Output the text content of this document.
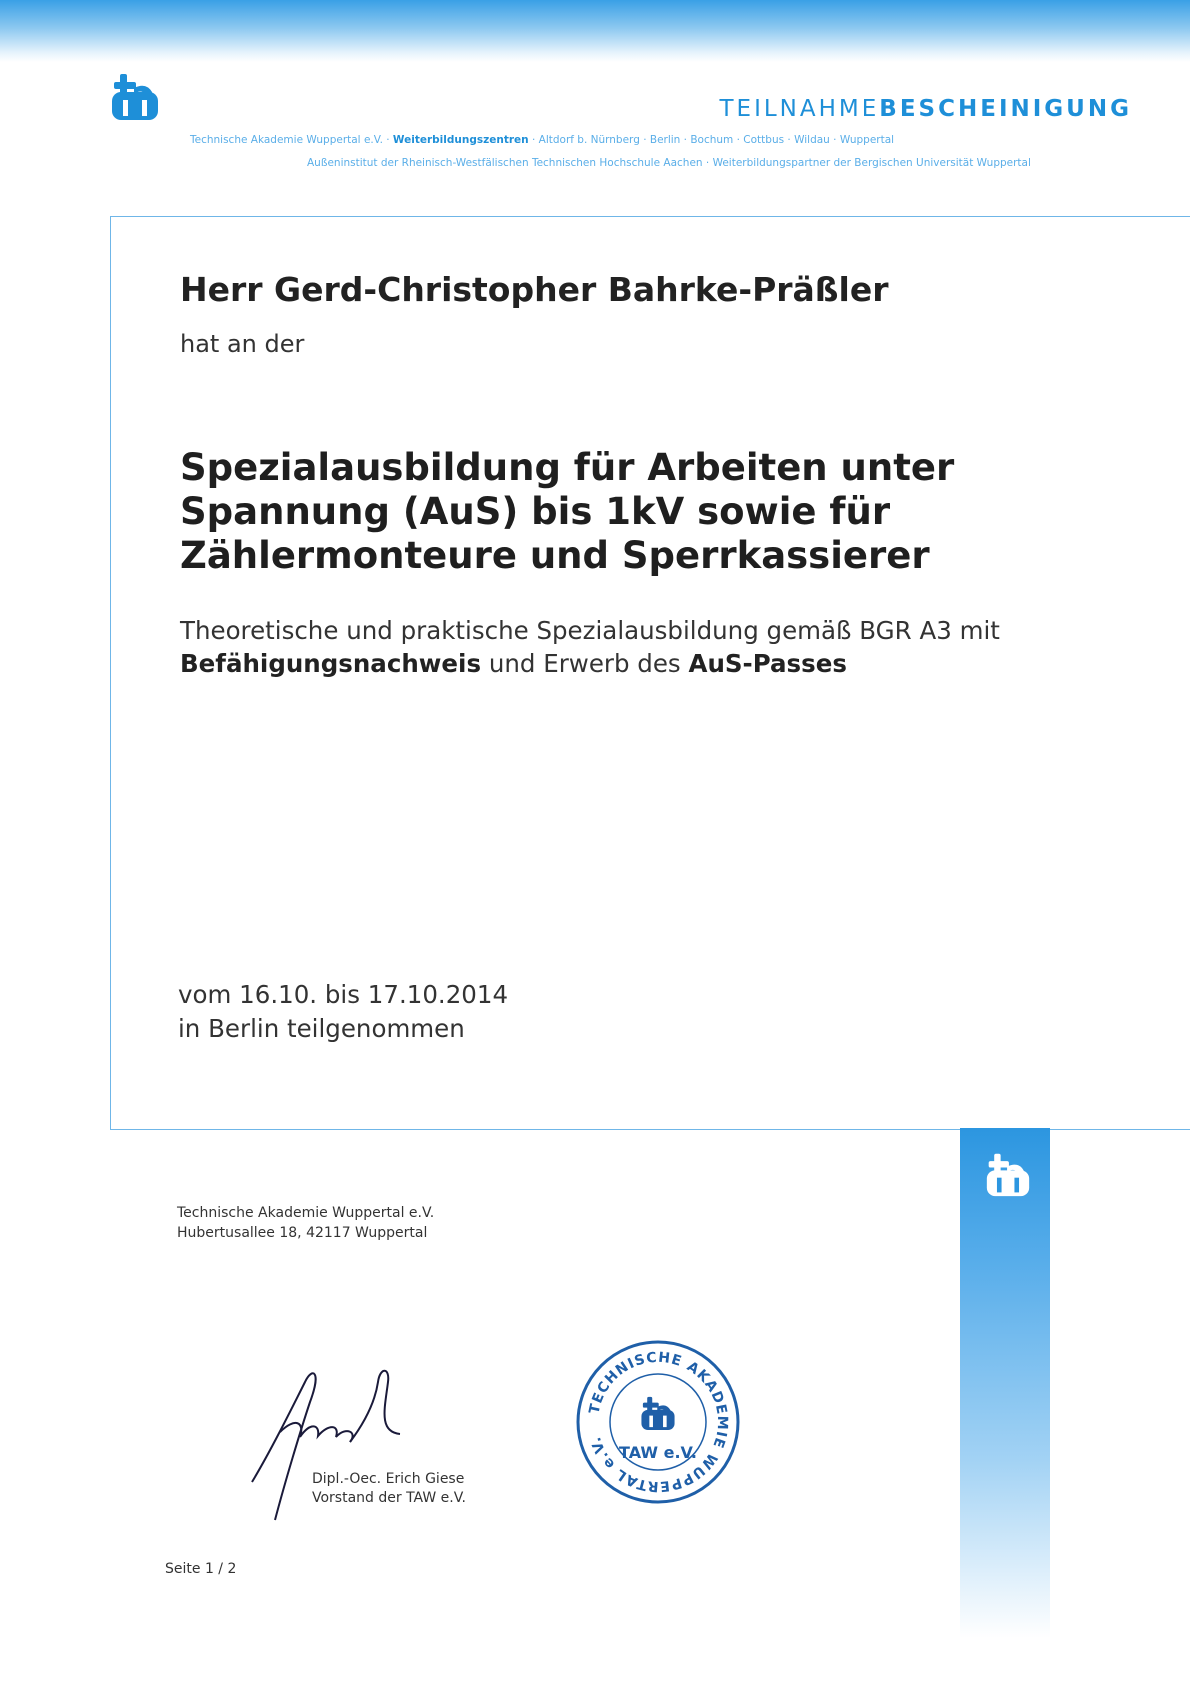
TEILNAHMEBESCHEINIGUNG
Technische Akademie Wuppertal e.V. · Weiterbildungszentren · Altdorf b. Nürnberg · Berlin · Bochum · Cottbus · Wildau · Wuppertal
Außeninstitut der Rheinisch-Westfälischen Technischen Hochschule Aachen · Weiterbildungspartner der Bergischen Universität Wuppertal
Herr Gerd-Christopher Bahrke-Präßler
hat an der
Spezialausbildung für Arbeiten unter Spannung (AuS) bis 1kV sowie für Zählermonteure und Sperrkassierer
Theoretische und praktische Spezialausbildung gemäß BGR A3 mit Befähigungsnachweis und Erwerb des AuS-Passes
vom 16.10. bis 17.10.2014
in Berlin teilgenommen
Technische Akademie Wuppertal e.V.
Hubertusallee 18, 42117 Wuppertal
Dipl.-Oec. Erich Giese
Vorstand der TAW e.V.
TECHNISCHE AKADEMIE WUPPERTAL e.V.
TAW e.V.
Seite 1 / 2
